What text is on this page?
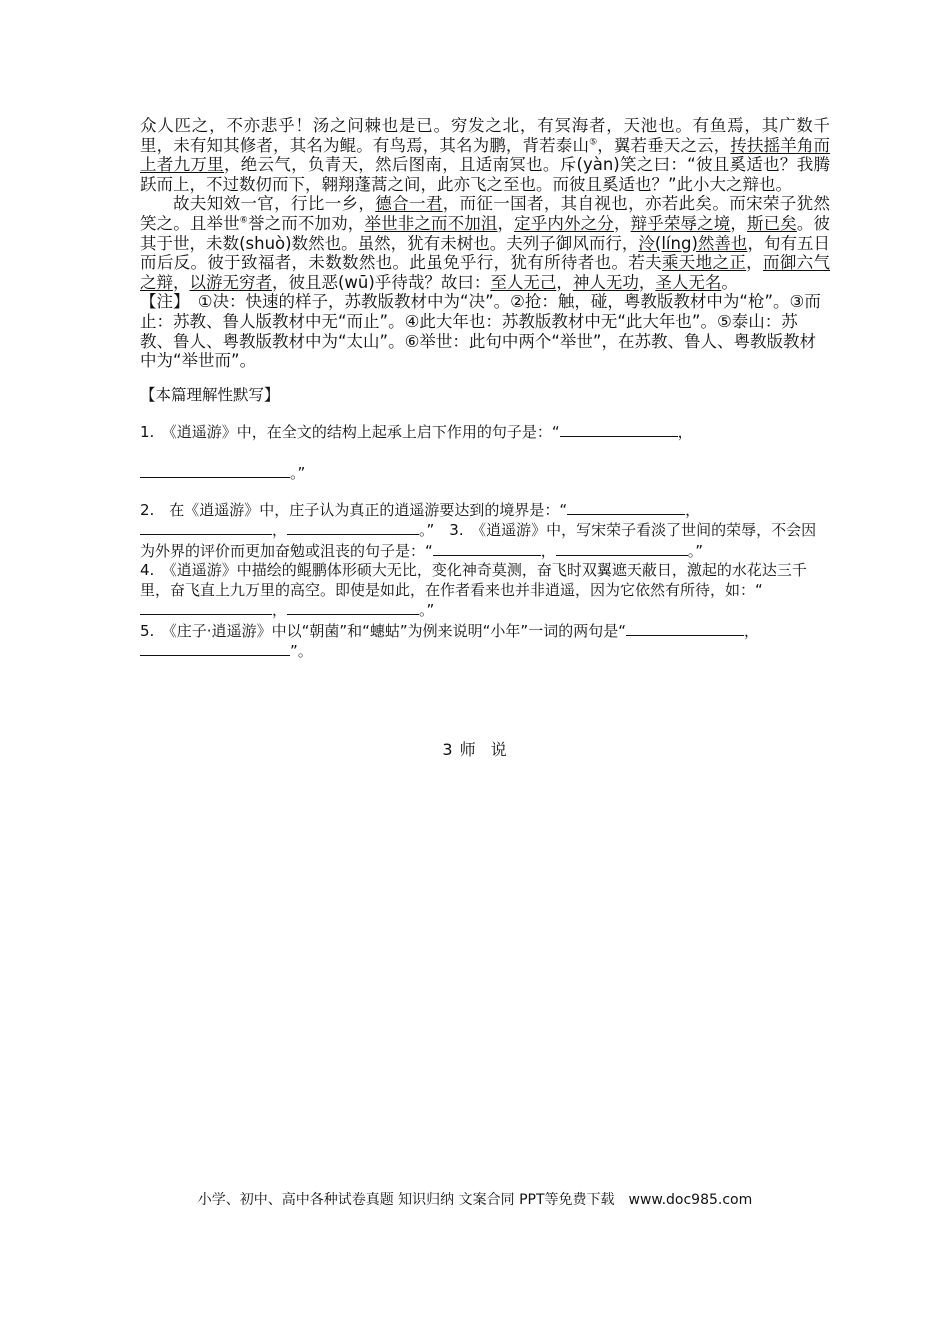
众人匹之，不亦悲乎！汤之问棘也是已。穷发之北，有冥海者，天池也。有鱼焉，其广数千里，未有知其修者，其名为鲲。有鸟焉，其名为鹏，背若泰山⑤，翼若垂天之云，抟扶摇羊角而上者九万里，绝云气，负青天，然后图南，且适南冥也。斥(yàn)笑之曰：“彼且奚适也？我腾跃而上，不过数仞而下，翱翔蓬蒿之间，此亦飞之至也。而彼且奚适也？”此小大之辩也。

故夫知效一官，行比一乡，德合一君，而征一国者，其自视也，亦若此矣。而宋荣子犹然笑之。且举世⑥誉之而不加劝，举世非之而不加沮，定乎内外之分，辩乎荣辱之境，斯已矣。彼其于世，未数(shuò)数然也。虽然，犹有未树也。夫列子御风而行，泠(líng)然善也，旬有五日而后反。彼于致福者，未数数然也。此虽免乎行，犹有所待者也。若夫乘天地之正，而御六气之辩，以游无穷者，彼且恶(wū)乎待哉？故曰：至人无己，神人无功，圣人无名。

【注】　①决：快速的样子，苏教版教材中为“决”。②抢：触，碰，粤教版教材中为“枪”。③而止：苏教、鲁人版教材中无“而止”。④此大年也：苏教版教材中无“此大年也”。⑤泰山：苏教、鲁人、粤教版教材中为“太山”。⑥举世：此句中两个“举世”，在苏教、鲁人、粤教版教材中为“举世而”。

【本篇理解性默写】

1.　《逍遥游》中，在全文的结构上起承上启下作用的句子是：“	，

。”

2.　在《逍遥游》中，庄子认为真正的逍遥游要达到的境界是：“	，
，	。”　3.　《逍遥游》中，写宋荣子看淡了世间的荣辱，不会因为外界的评价而更加奋勉或沮丧的句子是：“	，	。”

4.　《逍遥游》中描绘的鲲鹏体形硕大无比，变化神奇莫测，奋飞时双翼遮天蔽日，激起的水花达三千里，奋飞直上九万里的高空。即使是如此，在作者看来也并非逍遥，因为它依然有所待，如：“，	。”

5.　《庄子·逍遥游》中以“朝菌”和“蟪蛄”为例来说明“小年”一词的两句是“	，”。

3 师 说
小学、初中、高中各种试卷真题 知识归纳 文案合同 PPT等免费下载　www.doc985.com
